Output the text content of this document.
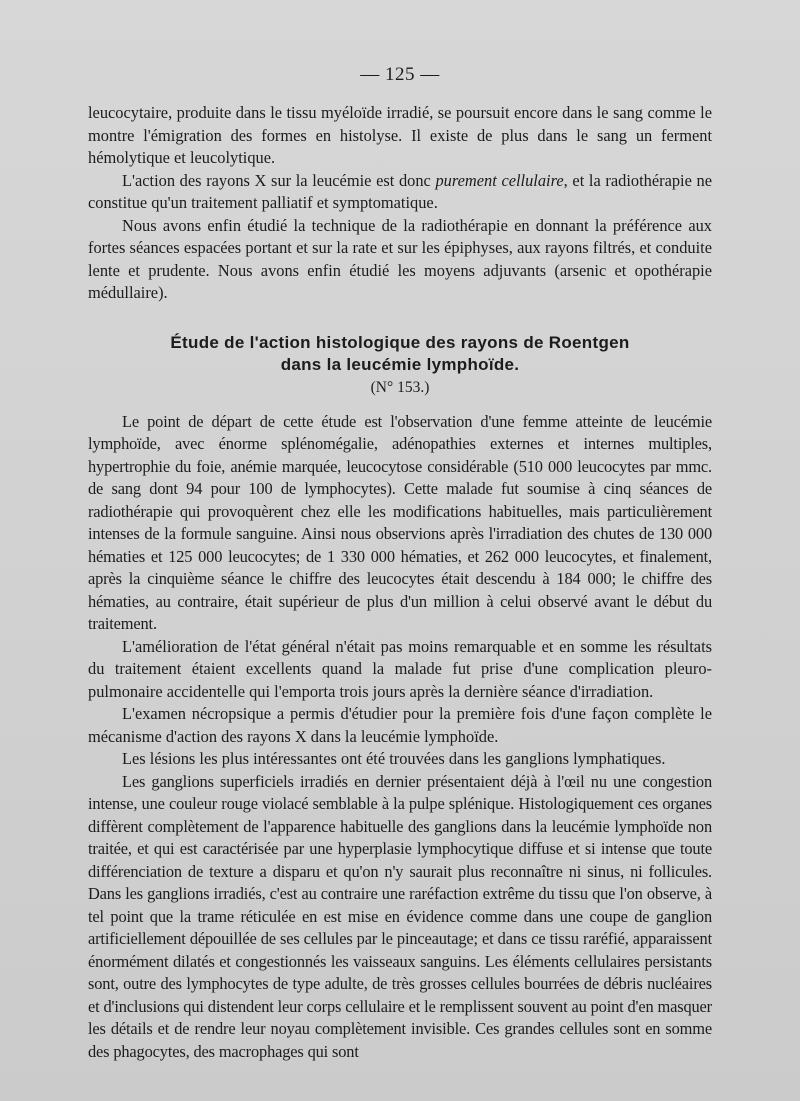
— 125 —

leucocytaire, produite dans le tissu myéloïde irradié, se poursuit encore dans le sang comme le montre l'émigration des formes en histolyse. Il existe de plus dans le sang un ferment hémolytique et leucolytique.

L'action des rayons X sur la leucémie est donc purement cellulaire, et la radiothérapie ne constitue qu'un traitement palliatif et symptomatique.

Nous avons enfin étudié la technique de la radiothérapie en donnant la préférence aux fortes séances espacées portant et sur la rate et sur les épiphyses, aux rayons filtrés, et conduite lente et prudente. Nous avons enfin étudié les moyens adjuvants (arsenic et opothérapie médullaire).

Étude de l'action histologique des rayons de Roentgen
dans la leucémie lymphoïde.
(N° 153.)

Le point de départ de cette étude est l'observation d'une femme atteinte de leucémie lymphoïde, avec énorme splénomégalie, adénopathies externes et internes multiples, hypertrophie du foie, anémie marquée, leucocytose considérable (510 000 leucocytes par mmc. de sang dont 94 pour 100 de lymphocytes). Cette malade fut soumise à cinq séances de radiothérapie qui provoquèrent chez elle les modifications habituelles, mais particulièrement intenses de la formule sanguine. Ainsi nous observions après l'irradiation des chutes de 130 000 hématies et 125 000 leucocytes; de 1 330 000 hématies, et 262 000 leucocytes, et finalement, après la cinquième séance le chiffre des leucocytes était descendu à 184 000; le chiffre des hématies, au contraire, était supérieur de plus d'un million à celui observé avant le début du traitement.

L'amélioration de l'état général n'était pas moins remarquable et en somme les résultats du traitement étaient excellents quand la malade fut prise d'une complication pleuro-pulmonaire accidentelle qui l'emporta trois jours après la dernière séance d'irradiation.

L'examen nécropsique a permis d'étudier pour la première fois d'une façon complète le mécanisme d'action des rayons X dans la leucémie lymphoïde.

Les lésions les plus intéressantes ont été trouvées dans les ganglions lymphatiques.

Les ganglions superficiels irradiés en dernier présentaient déjà à l'œil nu une congestion intense, une couleur rouge violacé semblable à la pulpe splénique. Histologiquement ces organes diffèrent complètement de l'apparence habituelle des ganglions dans la leucémie lymphoïde non traitée, et qui est caractérisée par une hyperplasie lymphocytique diffuse et si intense que toute différenciation de texture a disparu et qu'on n'y saurait plus reconnaître ni sinus, ni follicules. Dans les ganglions irradiés, c'est au contraire une raréfaction extrême du tissu que l'on observe, à tel point que la trame réticulée en est mise en évidence comme dans une coupe de ganglion artificiellement dépouillée de ses cellules par le pinceautage; et dans ce tissu raréfié, apparaissent énormément dilatés et congestionnés les vaisseaux sanguins. Les éléments cellulaires persistants sont, outre des lymphocytes de type adulte, de très grosses cellules bourrées de débris nucléaires et d'inclusions qui distendent leur corps cellulaire et le remplissent souvent au point d'en masquer les détails et de rendre leur noyau complètement invisible. Ces grandes cellules sont en somme des phagocytes, des macrophages qui sont
